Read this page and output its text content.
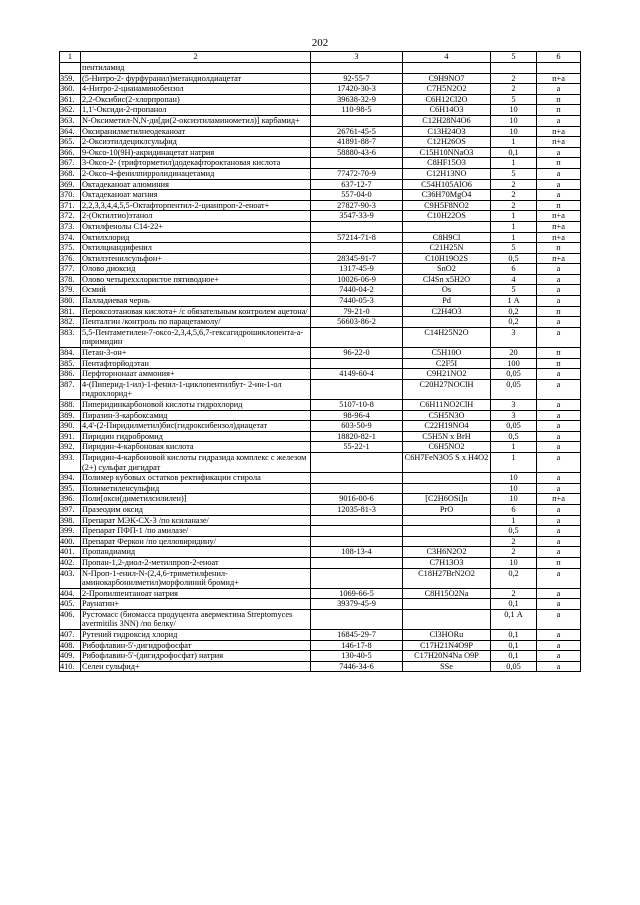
202
1	2	3	4	5	6
	пентиламид				
359.	(5-Нитро-2- фурфуранил)метандиолдиацетат	92-55-7	C9H9NO7	2	п+а
360.	4-Нитро-2-цианаминобензол	17420-30-3	C7H5N2O2	2	а
361.	2,2-Оксибис(2-хлорпропан)	39638-32-9	C6H12Cl2O	5	п
362.	1,1'-Оксиди-2-пропанол	110-98-5	C6H14O3	10	п
363.	N-Оксиметил-N,N-ди[ди(2-оксиэтиламинометил)] карбамид+		C12H28N4O6	10	а
364.	Оксиранилметилнеодеканоат	26761-45-5	C13H24O3	10	п+а
365.	2-Оксиэтилдециклсульфид	41891-88-7	C12H26OS	1	п+а
366.	9-Оксо-10(9Н)-акридинацетат натрия	58880-43-6	C15H10NNaO3	0,1	а
367.	3-Оксо-2- (трифторметил)додекафтороктановая кислота		C8HF15O3	1	п
368.	2-Оксо-4-фенилпирролидинацетамид	77472-70-9	C12H13NO	5	а
369.	Октадеканоат алюминия	637-12-7	C54H105AlO6	2	а
370.	Октадеканоат магния	557-04-0	C36H70MgO4	2	а
371.	2,2,3,3,4,4,5,5-Октафторпентил-2-цианпроп-2-еноат+	27827-90-3	C9H5F8NO2	2	п
372.	2-(Октилтио)этанол	3547-33-9	C10H22OS	1	п+а
373.	Октилфенолы С14-22+			1	п+а
374.	Октилхлорид	57214-71-8	C8H9Cl	1	п+а
375.	Октилциандифенил		C21H25N	5	п
376.	Октилэтенилсульфон+	28345-91-7	C10H19O2S	0,5	п+а
377.	Олово диоксид	1317-45-9	SnO2	6	а
378.	Олово четыреххлористое пятиводное+	10026-06-9	Cl4Sn x5H2O	4	а
379.	Осмий	7440-04-2	Os	5	а
380.	Палладиевая чернь	7440-05-3	Pd	1 А	а
381.	Пероксоэтановая кислота+ /с обязательным контролем ацетона/	79-21-0	C2H4O3	0,2	п
382.	Пенталгин /контроль по парацетамолу/	56603-86-2		0,2	а
383.	5,5-Пентаметилен-7-оксо-2,3,4,5,6,7-гексагидрошиклопента-а-пиримидин		C14H25N2O	3	а
384.	Петан-3-он+	96-22-0	C5H10O	20	п
385.	Пентафторйодэтан		C2F5I	100	п
386.	Перфторнонаат аммония+	4149-60-4	C9H21NO2	0,05	а
387.	4-(Пиперид-1-ил)-1-фенил-1-циклопентилбут- 2-ин-1-ол гидрохлорид+		C20H27NOClH	0,05	а
388.	Пиперидинкарбоновой кислоты гидрохлорид	5107-10-8	C6H11NO2ClH	3	а
389.	Пиразин-3-карбоксамид	98-96-4	C5H5N3O	3	а
390.	4,4'-(2-Пиридилметил)бис(гидроксибензол)диацетат	603-50-9	C22H19NO4	0,05	а
391.	Пиридин гидробромид	18820-82-1	C5H5N x BrH	0,5	а
392.	Пиридин-4-карбоновая кислота	55-22-1	C6H5NO2	1	а
393.	Пиридин-4-карбоновой кислоты гидразида комплекс с железом (2+) сульфат дигидрат		C6H7FeN3O5 S x H4O2	1	а
394.	Полимер кубовых остатков ректификации стирола			10	а
395.	Полиметиленсульфид			10	а
396.	Поли[окси(диметилсилилен)]	9016-00-6	[C2H6OSi]n	10	п+а
397.	Празеодим оксид	12035-81-3	PrO	6	а
398.	Препарат МЭК-СХ-3 /по ксиланазе/			1	а
399.	Препарат ПФП-1 /по амилазе/			0,5	а
400.	Препарат Феркон /по целловиридину/			2	а
401.	Пропандиамид	108-13-4	C3H6N2O2	2	а
402.	Пропан-1,2-диол-2-метилпроп-2-еноат		C7H13O3	10	п
403.	N-Проп-1-енил-N-(2,4,6-триметилфенил-аминокарбонилметил)морфолиний бромид+		C18H27BrN2O2	0,2	а
404.	2-Пропилпентаноат натрия	1069-66-5	C8H15O2Na	2	а
405.	Раунатин+	39379-45-9		0,1	а
406.	Рустомасс (биомасса продуцента авермектина Streptomyces avermitilis 3NN) /по белку/			0,1 А	а
407.	Рутений гидроксид хлорид	16845-29-7	Cl3HORu	0,1	а
408.	Рибофлавин-5'-дигидрофосфат	146-17-8	C17H21N4O9P	0,1	а
409.	Рибофлавин-5'-(дигидрофосфат) натрия	130-40-5	C17H20N4Na O9P	0,1	а
410.	Селен сульфид+	7446-34-6	SSe	0,05	а
